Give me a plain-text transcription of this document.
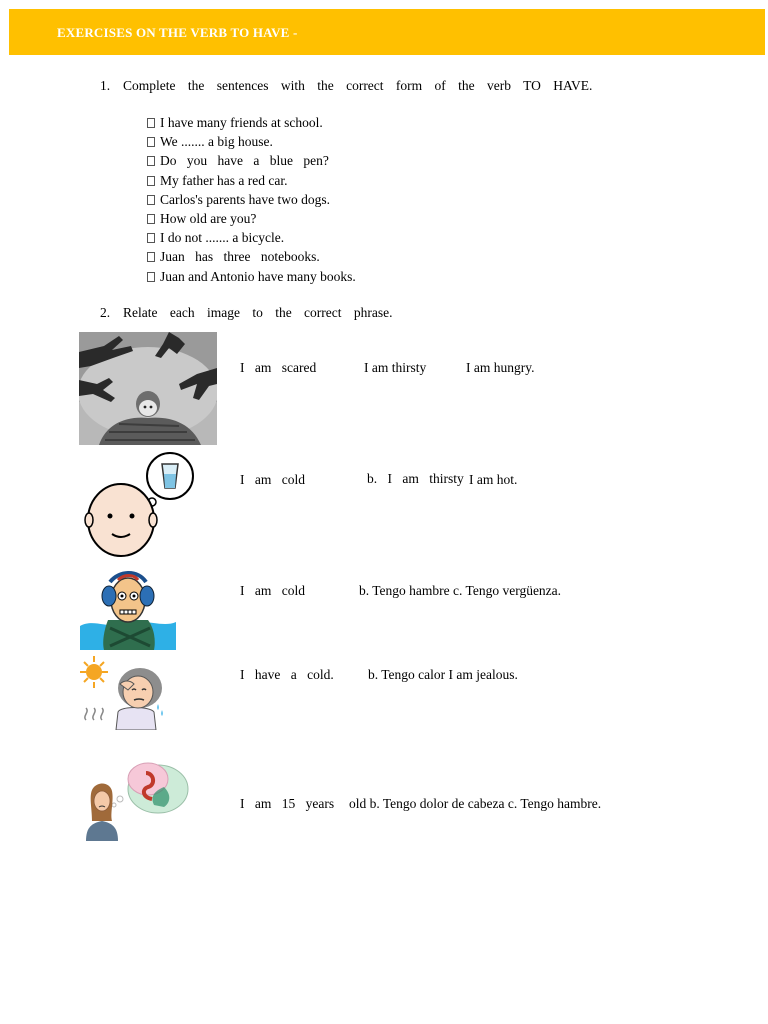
EXERCISES ON THE VERB TO HAVE -
1. Complete the sentences with the correct form of the verb TO HAVE.
I have many friends at school.
We ....... a big house.
Do you have a blue pen?
My father has a red car.
Carlos's parents have two dogs.
How old are you?
I do not ....... a bicycle.
Juan has three notebooks.
Juan and Antonio have many books.
2. Relate each image to the correct phrase.
I am scared	I am thirsty	I am hungry.
I am cold	b. I am thirsty I am hot.
I am cold	b. Tengo hambre c. Tengo vergüenza.
I have a cold.	b. Tengo calor I am jealous.
I am 15 years old b. Tengo dolor de cabeza c. Tengo hambre.
